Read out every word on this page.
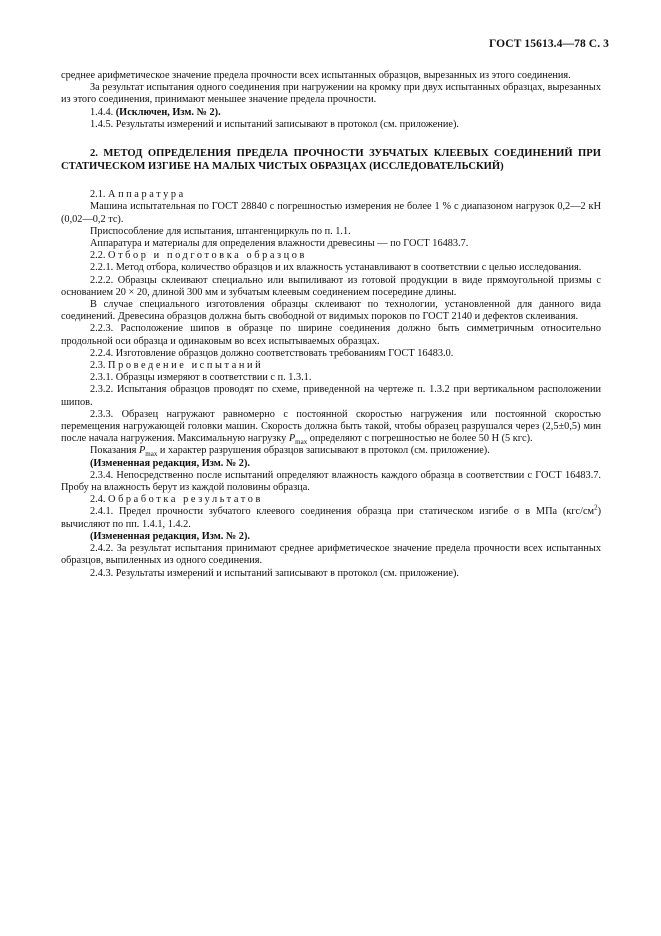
ГОСТ 15613.4—78 С. 3

среднее арифметическое значение предела прочности всех испытанных образцов, вырезанных из этого соединения.

За результат испытания одного соединения при нагружении на кромку при двух испытанных образцах, вырезанных из этого соединения, принимают меньшее значение предела прочности.

1.4.4. (Исключен, Изм. № 2).

1.4.5. Результаты измерений и испытаний записывают в протокол (см. приложение).

2. МЕТОД ОПРЕДЕЛЕНИЯ ПРЕДЕЛА ПРОЧНОСТИ ЗУБЧАТЫХ КЛЕЕВЫХ СОЕДИНЕНИЙ ПРИ СТАТИЧЕСКОМ ИЗГИБЕ НА МАЛЫХ ЧИСТЫХ ОБРАЗЦАХ (ИССЛЕДОВАТЕЛЬСКИЙ)

2.1. Аппаратура

Машина испытательная по ГОСТ 28840 с погрешностью измерения не более 1 % с диапазоном нагрузок 0,2—2 кН (0,02—0,2 тс).

Приспособление для испытания, штангенциркуль по п. 1.1.

Аппаратура и материалы для определения влажности древесины — по ГОСТ 16483.7.

2.2. Отбор и подготовка образцов

2.2.1. Метод отбора, количество образцов и их влажность устанавливают в соответствии с целью исследования.

2.2.2. Образцы склеивают специально или выпиливают из готовой продукции в виде прямоугольной призмы с основанием 20 × 20, длиной 300 мм и зубчатым клеевым соединением посередине длины.

В случае специального изготовления образцы склеивают по технологии, установленной для данного вида соединений. Древесина образцов должна быть свободной от видимых пороков по ГОСТ 2140 и дефектов склеивания.

2.2.3. Расположение шипов в образце по ширине соединения должно быть симметричным относительно продольной оси образца и одинаковым во всех испытываемых образцах.

2.2.4. Изготовление образцов должно соответствовать требованиям ГОСТ 16483.0.

2.3. Проведение испытаний

2.3.1. Образцы измеряют в соответствии с п. 1.3.1.

2.3.2. Испытания образцов проводят по схеме, приведенной на чертеже п. 1.3.2 при вертикальном расположении шипов.

2.3.3. Образец нагружают равномерно с постоянной скоростью нагружения или постоянной скоростью перемещения нагружающей головки машин. Скорость должна быть такой, чтобы образец разрушался через (2,5±0,5) мин после начала нагружения. Максимальную нагрузку $P_{max}$ определяют с погрешностью не более 50 Н (5 кгс).

Показания $P_{max}$ и характер разрушения образцов записывают в протокол (см. приложение).

(Измененная редакция, Изм. № 2).

2.3.4. Непосредственно после испытаний определяют влажность каждого образца в соответствии с ГОСТ 16483.7. Пробу на влажность берут из каждой половины образца.

2.4. Обработка результатов

2.4.1. Предел прочности зубчатого клеевого соединения образца при статическом изгибе σ в МПа $(кгс/см^2)$ вычисляют по пп. 1.4.1, 1.4.2.

(Измененная редакция, Изм. № 2).

2.4.2. За результат испытания принимают среднее арифметическое значение предела прочности всех испытанных образцов, выпиленных из одного соединения.

2.4.3. Результаты измерений и испытаний записывают в протокол (см. приложение).
